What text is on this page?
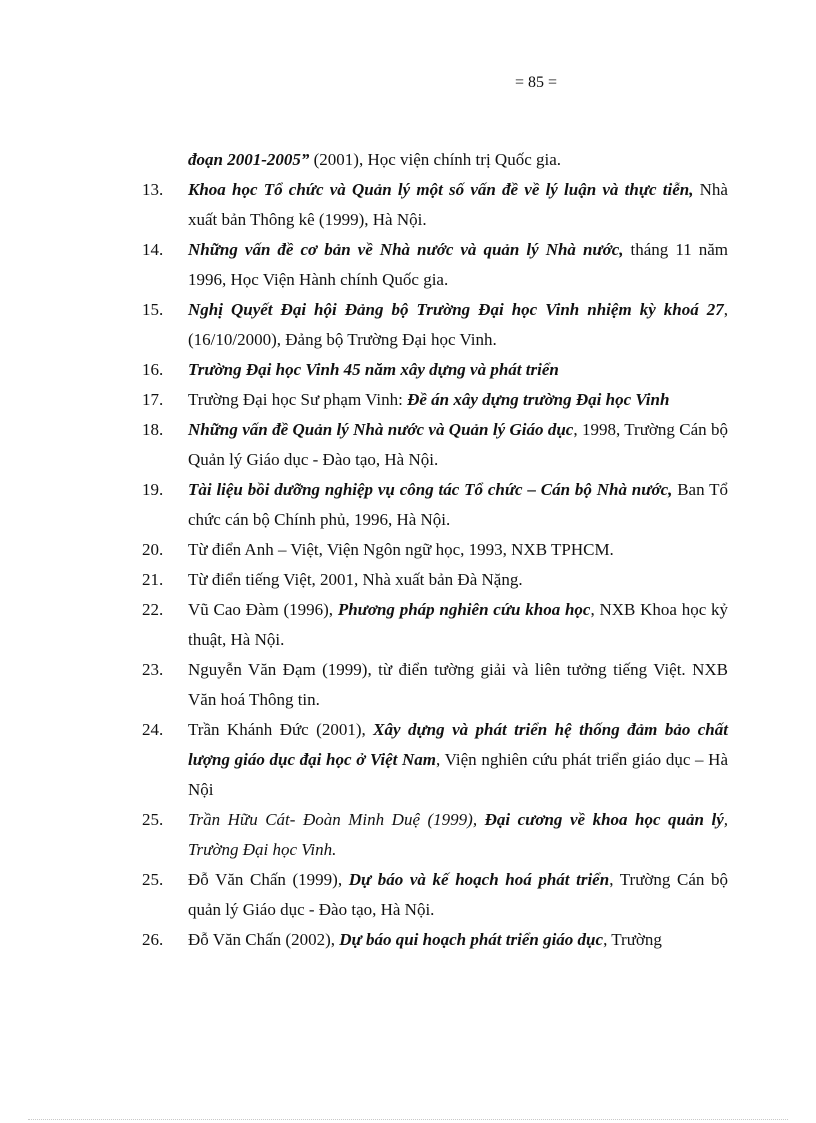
= 85 =
đoạn 2001-2005” (2001), Học viện chính trị Quốc gia.
13. Khoa học Tổ chức và Quản lý một số vấn đề về lý luận và thực tiễn, Nhà xuất bản Thông kê (1999), Hà Nội.
14. Những vấn đề cơ bản về Nhà nước và quản lý Nhà nước, tháng 11 năm 1996, Học Viện Hành chính Quốc gia.
15. Nghị Quyết Đại hội Đảng bộ Trường Đại học Vinh nhiệm kỳ khoá 27, (16/10/2000), Đảng bộ Trường Đại học Vinh.
16. Trường Đại học Vinh 45 năm xây dựng và phát triển
17. Trường Đại học Sư phạm Vinh: Đề án xây dựng trường Đại học Vinh
18. Những vấn đề Quản lý Nhà nước và Quản lý Giáo dục, 1998, Trường Cán bộ Quản lý Giáo dục - Đào tạo, Hà Nội.
19. Tài liệu bồi dưỡng nghiệp vụ công tác Tổ chức – Cán bộ Nhà nước, Ban Tổ chức cán bộ Chính phủ, 1996, Hà Nội.
20. Từ điển Anh – Việt, Viện Ngôn ngữ học, 1993, NXB TPHCM.
21. Từ điển tiếng Việt, 2001, Nhà xuất bản Đà Nặng.
22. Vũ Cao Đàm (1996), Phương pháp nghiên cứu khoa học, NXB Khoa học kỷ thuật, Hà Nội.
23. Nguyễn Văn Đạm (1999), từ điển tường giải và liên tưởng tiếng Việt. NXB Văn hoá Thông tin.
24. Trần Khánh Đức (2001), Xây dựng và phát triển hệ thống đảm bảo chất lượng giáo dục đại học ở Việt Nam, Viện nghiên cứu phát triển giáo dục – Hà Nội
25. Trần Hữu Cát- Đoàn Minh Duệ (1999), Đại cương về khoa học quản lý, Trường Đại học Vinh.
25. Đỗ Văn Chấn (1999), Dự báo và kế hoạch hoá phát triển, Trường Cán bộ quản lý Giáo dục - Đào tạo, Hà Nội.
26. Đỗ Văn Chấn (2002), Dự báo qui hoạch phát triển giáo dục, Trường
